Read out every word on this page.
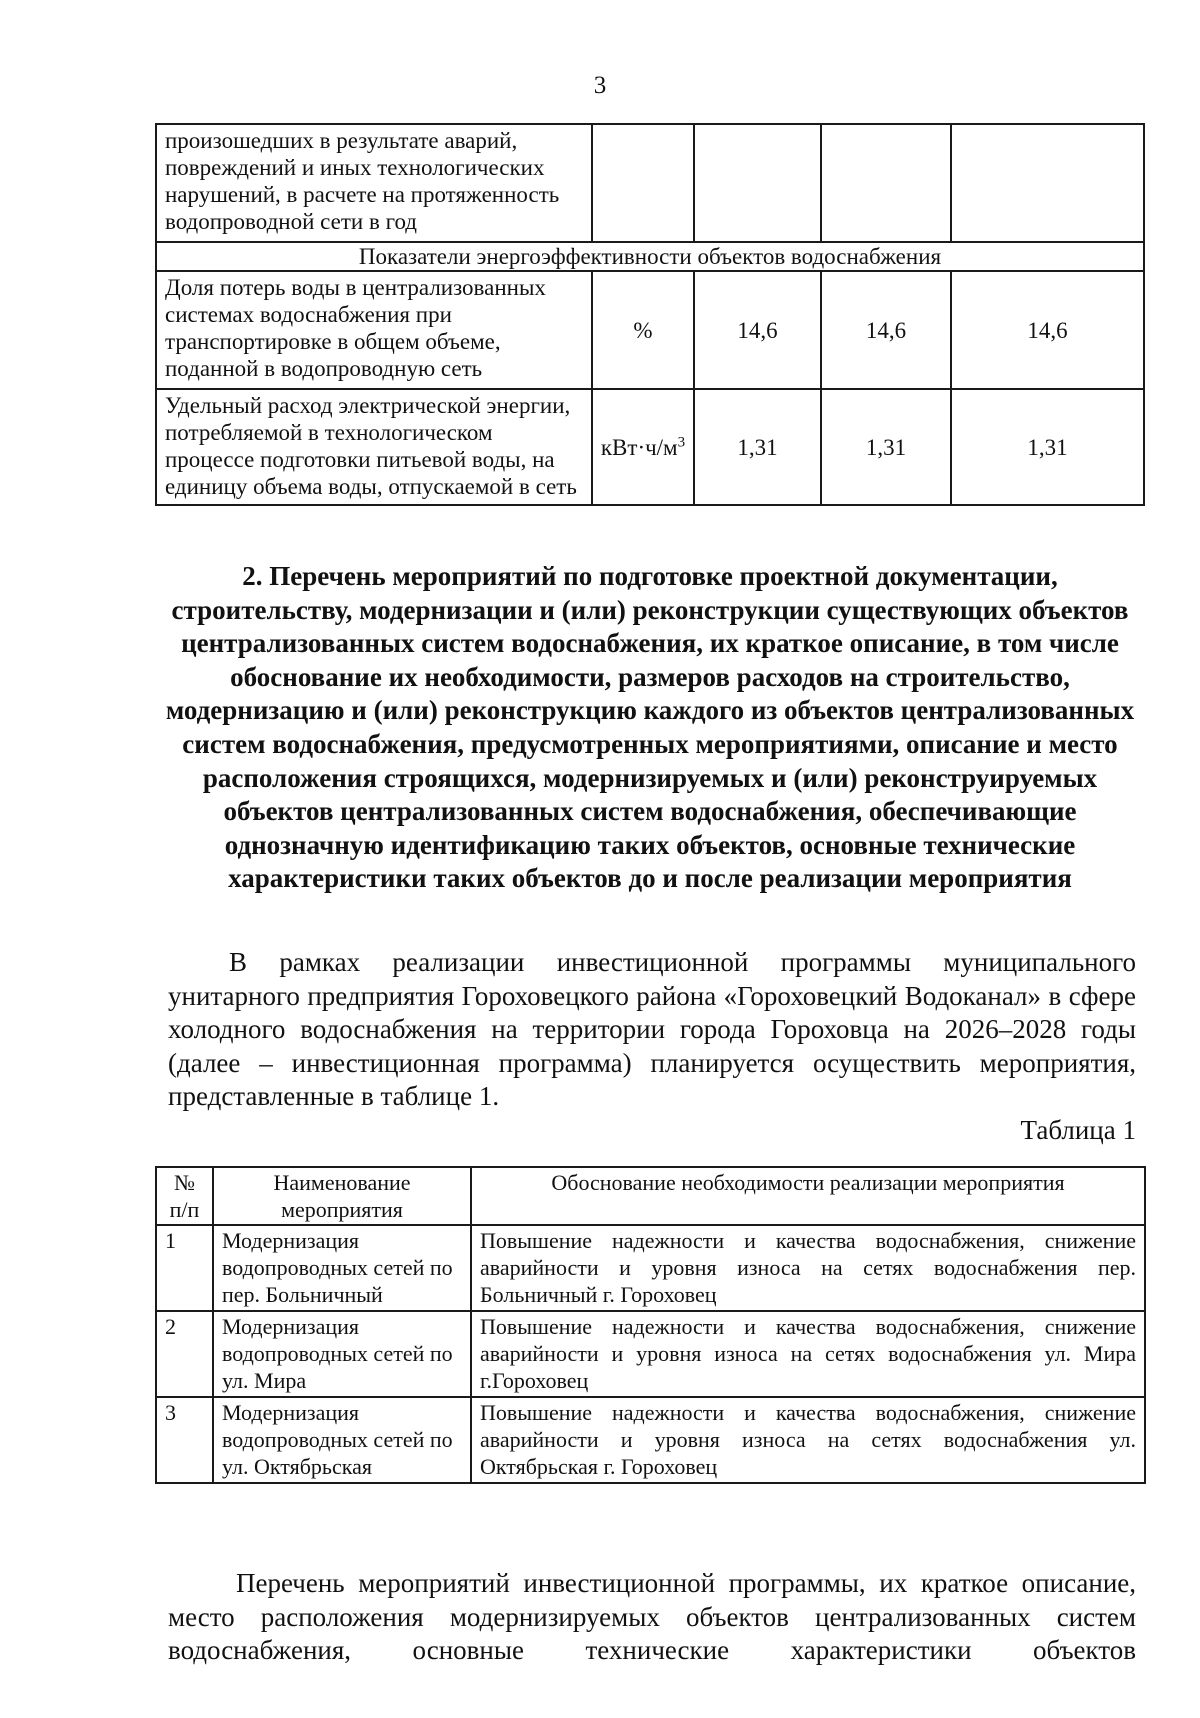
3
произошедших в результате аварий, повреждений и иных технологических нарушений, в расчете на протяженность водопроводной сети в год				
Показатели энергоэффективности объектов водоснабжения				
Доля потерь воды в централизованных системах водоснабжения при транспортировке в общем объеме, поданной в водопроводную сеть	%	14,6	14,6	14,6
Удельный расход электрической энергии, потребляемой в технологическом процессе подготовки питьевой воды, на единицу объема воды, отпускаемой в сеть	$кВт\cdot ч/м^3$	1,31	1,31	1,31
2. Перечень мероприятий по подготовке проектной документации, строительству, модернизации и (или) реконструкции существующих объектов централизованных систем водоснабжения, их краткое описание, в том числе обоснование их необходимости, размеров расходов на строительство, модернизацию и (или) реконструкцию каждого из объектов централизованных систем водоснабжения, предусмотренных мероприятиями, описание и место расположения строящихся, модернизируемых и (или) реконструируемых объектов централизованных систем водоснабжения, обеспечивающие однозначную идентификацию таких объектов, основные технические характеристики таких объектов до и после реализации мероприятия

В рамках реализации инвестиционной программы муниципального унитарного предприятия Гороховецкого района «Гороховецкий Водоканал» в сфере холодного водоснабжения на территории города Гороховца на 2026–2028 годы (далее – инвестиционная программа) планируется осуществить мероприятия, представленные в таблице 1.

Таблица 1
№ п/п	Наименование мероприятия	Обоснование необходимости реализации мероприятия
1	Модернизация водопроводных сетей по пер. Больничный	Повышение надежности и качества водоснабжения, снижение аварийности и уровня износа на сетях водоснабжения пер. Больничный г. Гороховец
2	Модернизация водопроводных сетей по ул. Мира	Повышение надежности и качества водоснабжения, снижение аварийности и уровня износа на сетях водоснабжения ул. Мира г.Гороховец
3	Модернизация водопроводных сетей по ул. Октябрьская	Повышение надежности и качества водоснабжения, снижение аварийности и уровня износа на сетях водоснабжения ул. Октябрьская г. Гороховец

Перечень мероприятий инвестиционной программы, их краткое описание, место расположения модернизируемых объектов централизованных систем водоснабжения, основные технические характеристики объектов
